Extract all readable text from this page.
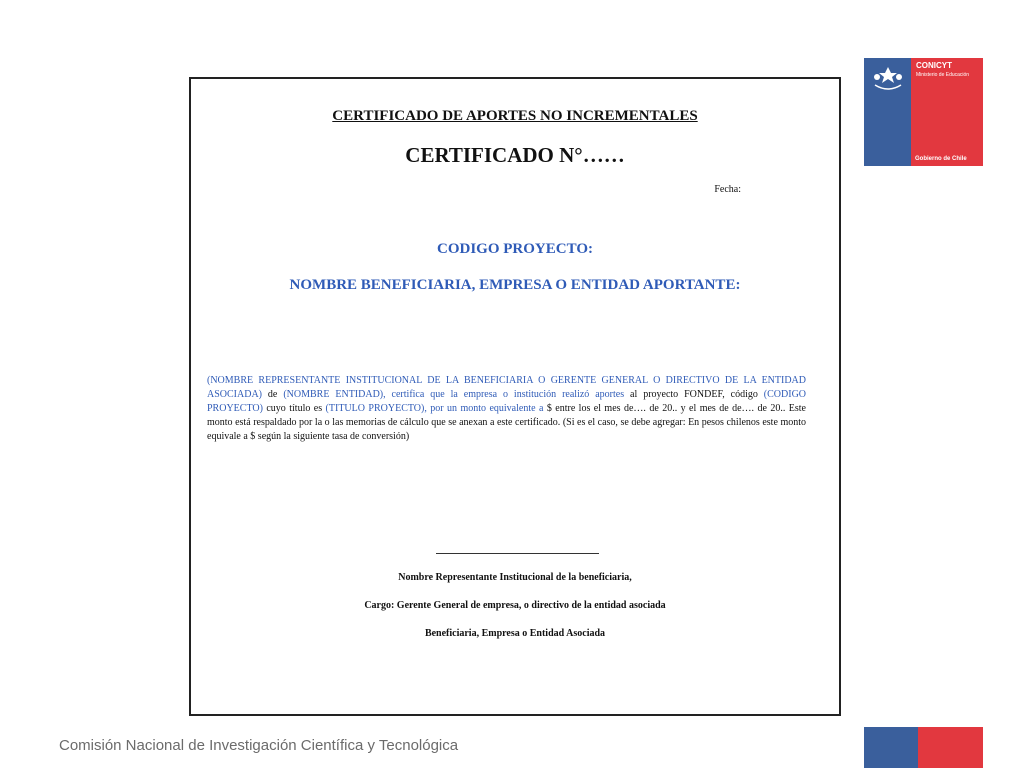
CERTIFICADO DE APORTES NO INCREMENTALES
CERTIFICADO N°……
Fecha:
CODIGO PROYECTO:
NOMBRE BENEFICIARIA, EMPRESA O ENTIDAD APORTANTE:
(NOMBRE REPRESENTANTE INSTITUCIONAL DE LA BENEFICIARIA O GERENTE GENERAL O DIRECTIVO DE LA ENTIDAD ASOCIADA) de (NOMBRE ENTIDAD), certifica que la empresa o institución realizó aportes al proyecto FONDEF, código (CODIGO PROYECTO) cuyo título es (TITULO PROYECTO), por un monto equivalente a $ entre los el mes de…. de 20.. y el mes de de…. de 20.. Este monto está respaldado por la o las memorias de cálculo que se anexan a este certificado. (Si es el caso, se debe agregar: En pesos chilenos este monto equivale a $ según la siguiente tasa de conversión)
Nombre Representante Institucional de la beneficiaria,
Cargo: Gerente General de empresa, o directivo de la entidad asociada
Beneficiaria, Empresa o Entidad Asociada
CONICYT
Ministerio de Educación
Gobierno de Chile
Comisión Nacional de Investigación Científica y Tecnológica
